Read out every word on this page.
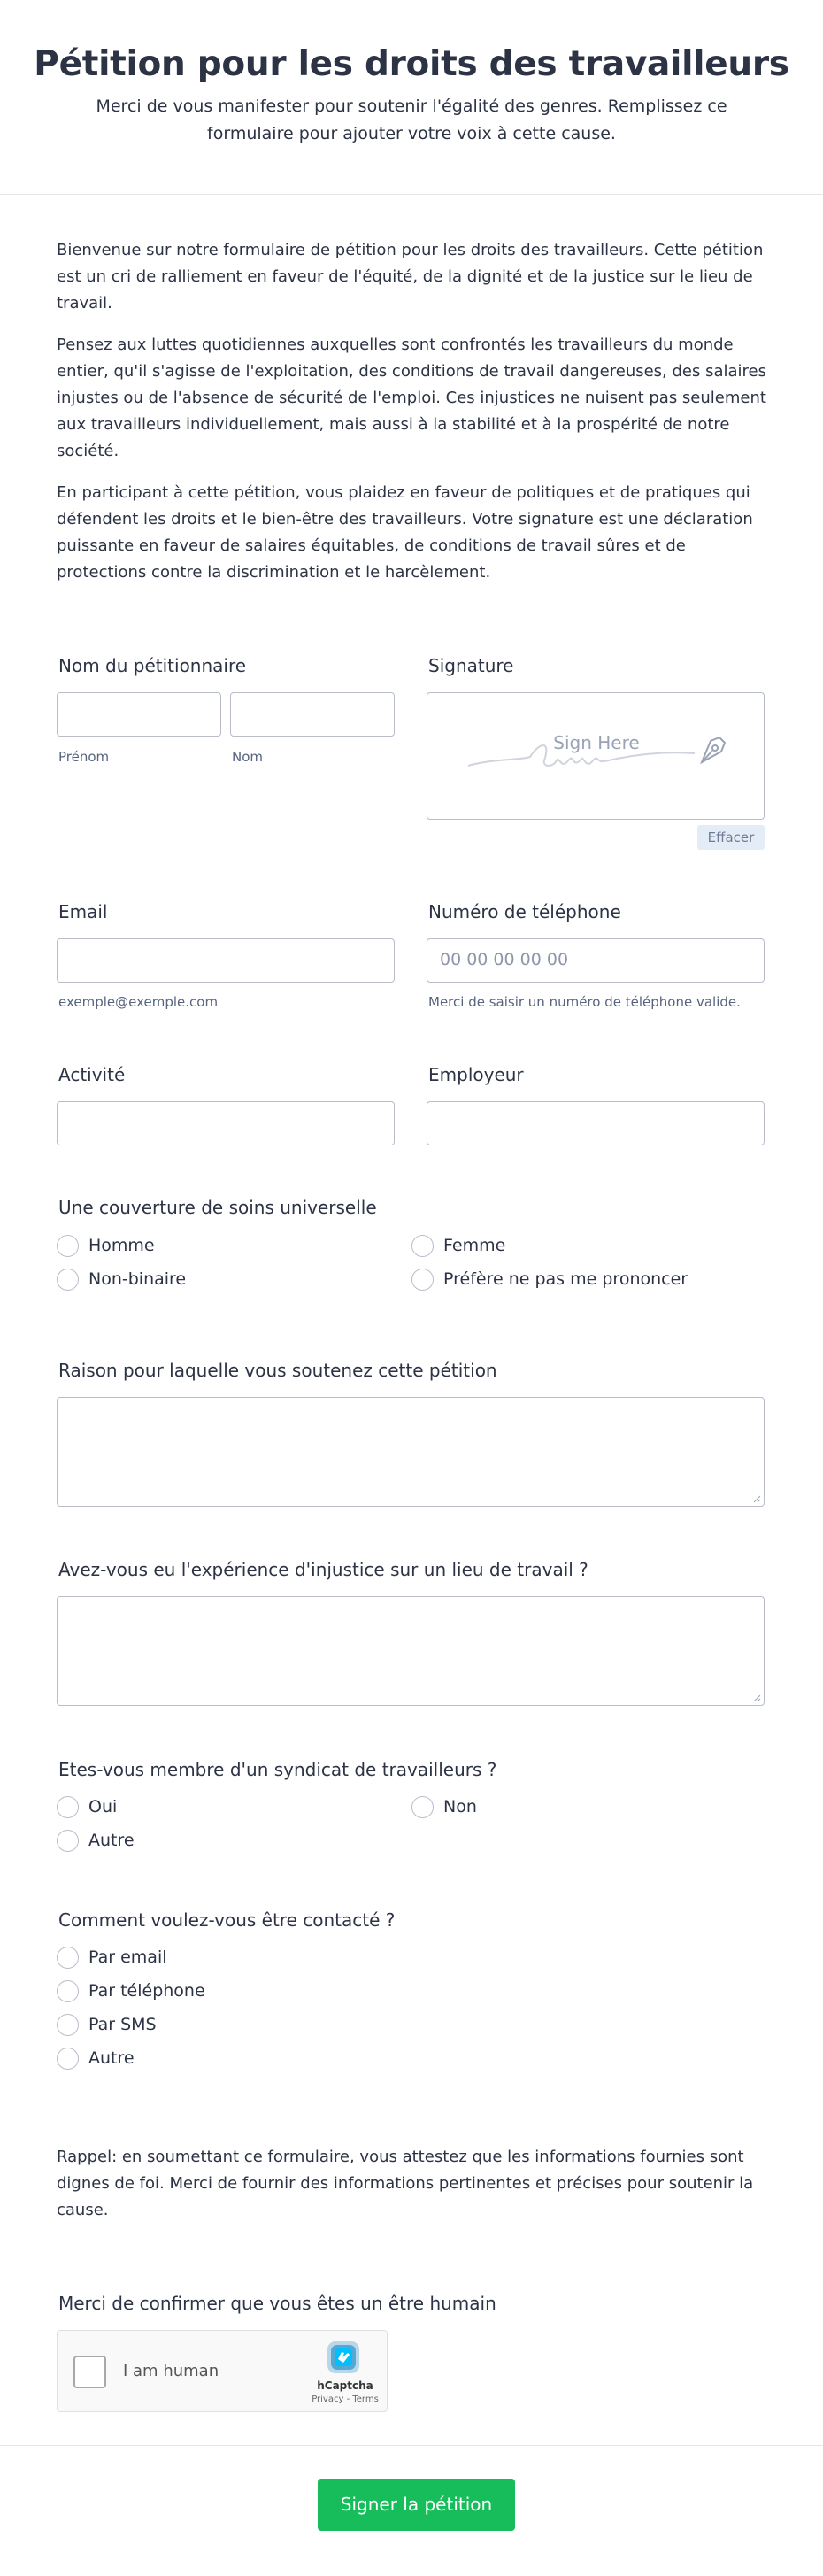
Pétition pour les droits des travailleurs
Merci de vous manifester pour soutenir l'égalité des genres. Remplissez ce formulaire pour ajouter votre voix à cette cause.
Bienvenue sur notre formulaire de pétition pour les droits des travailleurs. Cette pétition est un cri de ralliement en faveur de l'équité, de la dignité et de la justice sur le lieu de travail.
Pensez aux luttes quotidiennes auxquelles sont confrontés les travailleurs du monde entier, qu'il s'agisse de l'exploitation, des conditions de travail dangereuses, des salaires injustes ou de l'absence de sécurité de l'emploi. Ces injustices ne nuisent pas seulement aux travailleurs individuellement, mais aussi à la stabilité et à la prospérité de notre société.
En participant à cette pétition, vous plaidez en faveur de politiques et de pratiques qui défendent les droits et le bien-être des travailleurs. Votre signature est une déclaration puissante en faveur de salaires équitables, de conditions de travail sûres et de protections contre la discrimination et le harcèlement.
Nom du pétitionnaire
Prénom	Nom
Signature
Sign Here
Effacer
Email
exemple@exemple.com
Numéro de téléphone
00 00 00 00 00
Merci de saisir un numéro de téléphone valide.
Activité	Employeur
Une couverture de soins universelle
Homme	Femme
Non-binaire	Préfère ne pas me prononcer
Raison pour laquelle vous soutenez cette pétition
Avez-vous eu l'expérience d'injustice sur un lieu de travail ?
Etes-vous membre d'un syndicat de travailleurs ?
Oui	Non
Autre
Comment voulez-vous être contacté ?
Par email
Par téléphone
Par SMS
Autre
Rappel: en soumettant ce formulaire, vous attestez que les informations fournies sont dignes de foi. Merci de fournir des informations pertinentes et précises pour soutenir la cause.
Merci de confirmer que vous êtes un être humain
I am human
hCaptcha
Privacy - Terms
Signer la pétition
